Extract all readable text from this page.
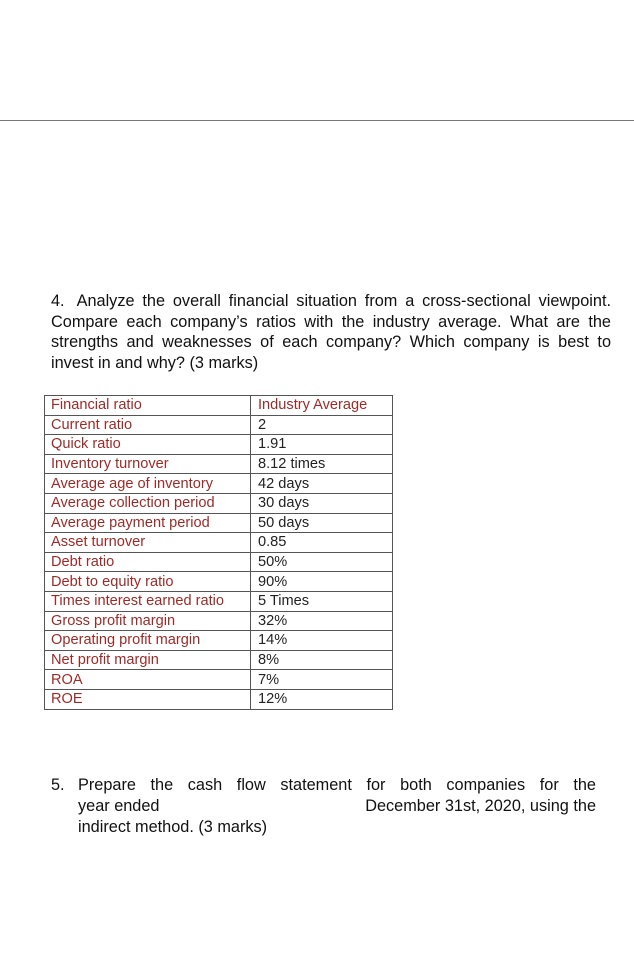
4. Analyze the overall financial situation from a cross-sectional viewpoint. Compare each company’s ratios with the industry average. What are the strengths and weaknesses of each company? Which company is best to invest in and why? (3 marks)
Financial ratio	Industry Average
Current ratio	2
Quick ratio	1.91
Inventory turnover	8.12 times
Average age of inventory	42 days
Average collection period	30 days
Average payment period	50 days
Asset turnover	0.85
Debt ratio	50%
Debt to equity ratio	90%
Times interest earned ratio	5 Times
Gross profit margin	32%
Operating profit margin	14%
Net profit margin	8%
ROA	7%
ROE	12%
5. Prepare the cash flow statement for both companies for the
year ended	December 31st, 2020, using the
indirect method. (3 marks)
